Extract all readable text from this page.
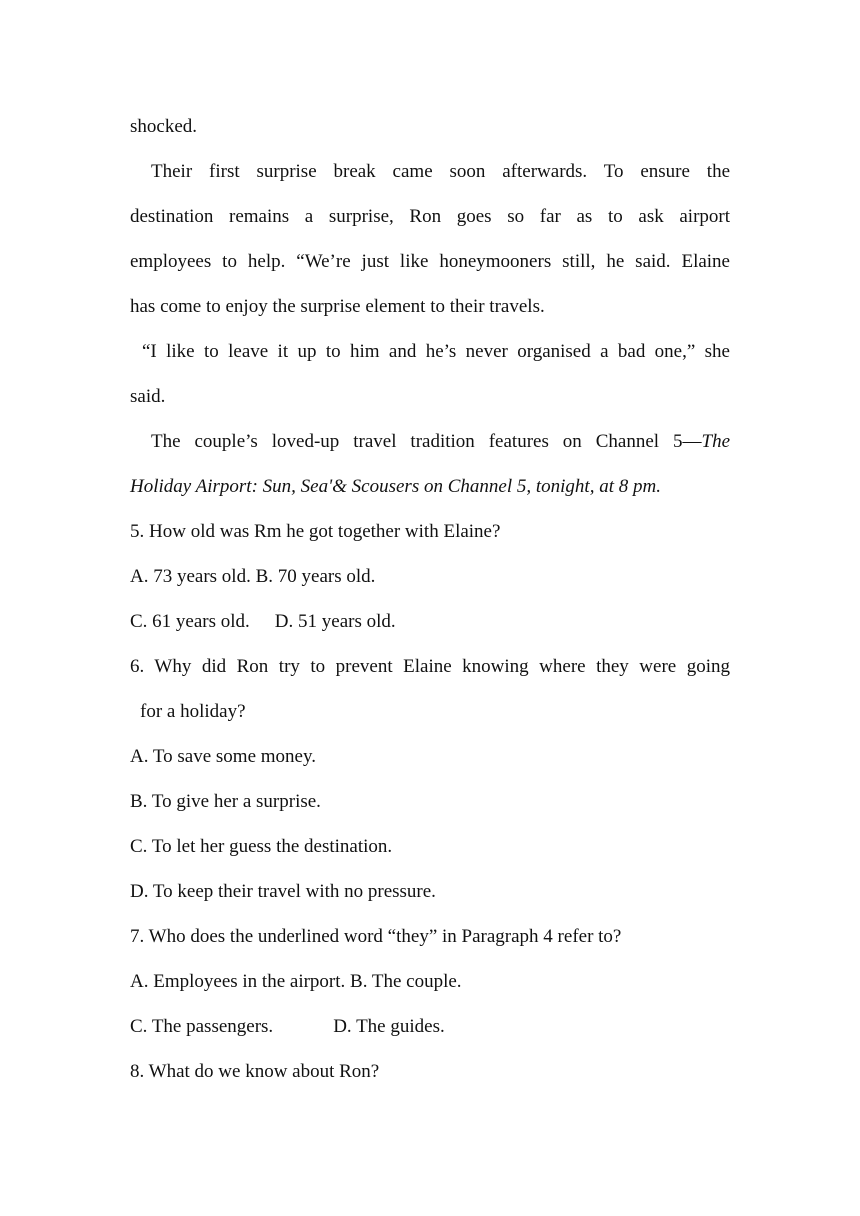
shocked.
Their first surprise break came soon afterwards. To ensure the
destination remains a surprise, Ron goes so far as to ask airport
employees to help. “We’re just like honeymooners still, he said. Elaine
has come to enjoy the surprise element to their travels.
“I like to leave it up to him and he’s never organised a bad one,” she
said.
The couple’s loved-up travel tradition features on Channel 5—The
Holiday Airport: Sun, Sea'& Scousers on Channel 5, tonight, at 8 pm.
5. How old was Rm he got together with Elaine?
A. 73 years old. B. 70 years old.
C. 61 years old. D. 51 years old.
6. Why did Ron try to prevent Elaine knowing where they were going
for a holiday?
A. To save some money.
B. To give her a surprise.
C. To let her guess the destination.
D. To keep their travel with no pressure.
7. Who does the underlined word “they” in Paragraph 4 refer to?
A. Employees in the airport. B. The couple.
C. The passengers.	D. The guides.
8. What do we know about Ron?
